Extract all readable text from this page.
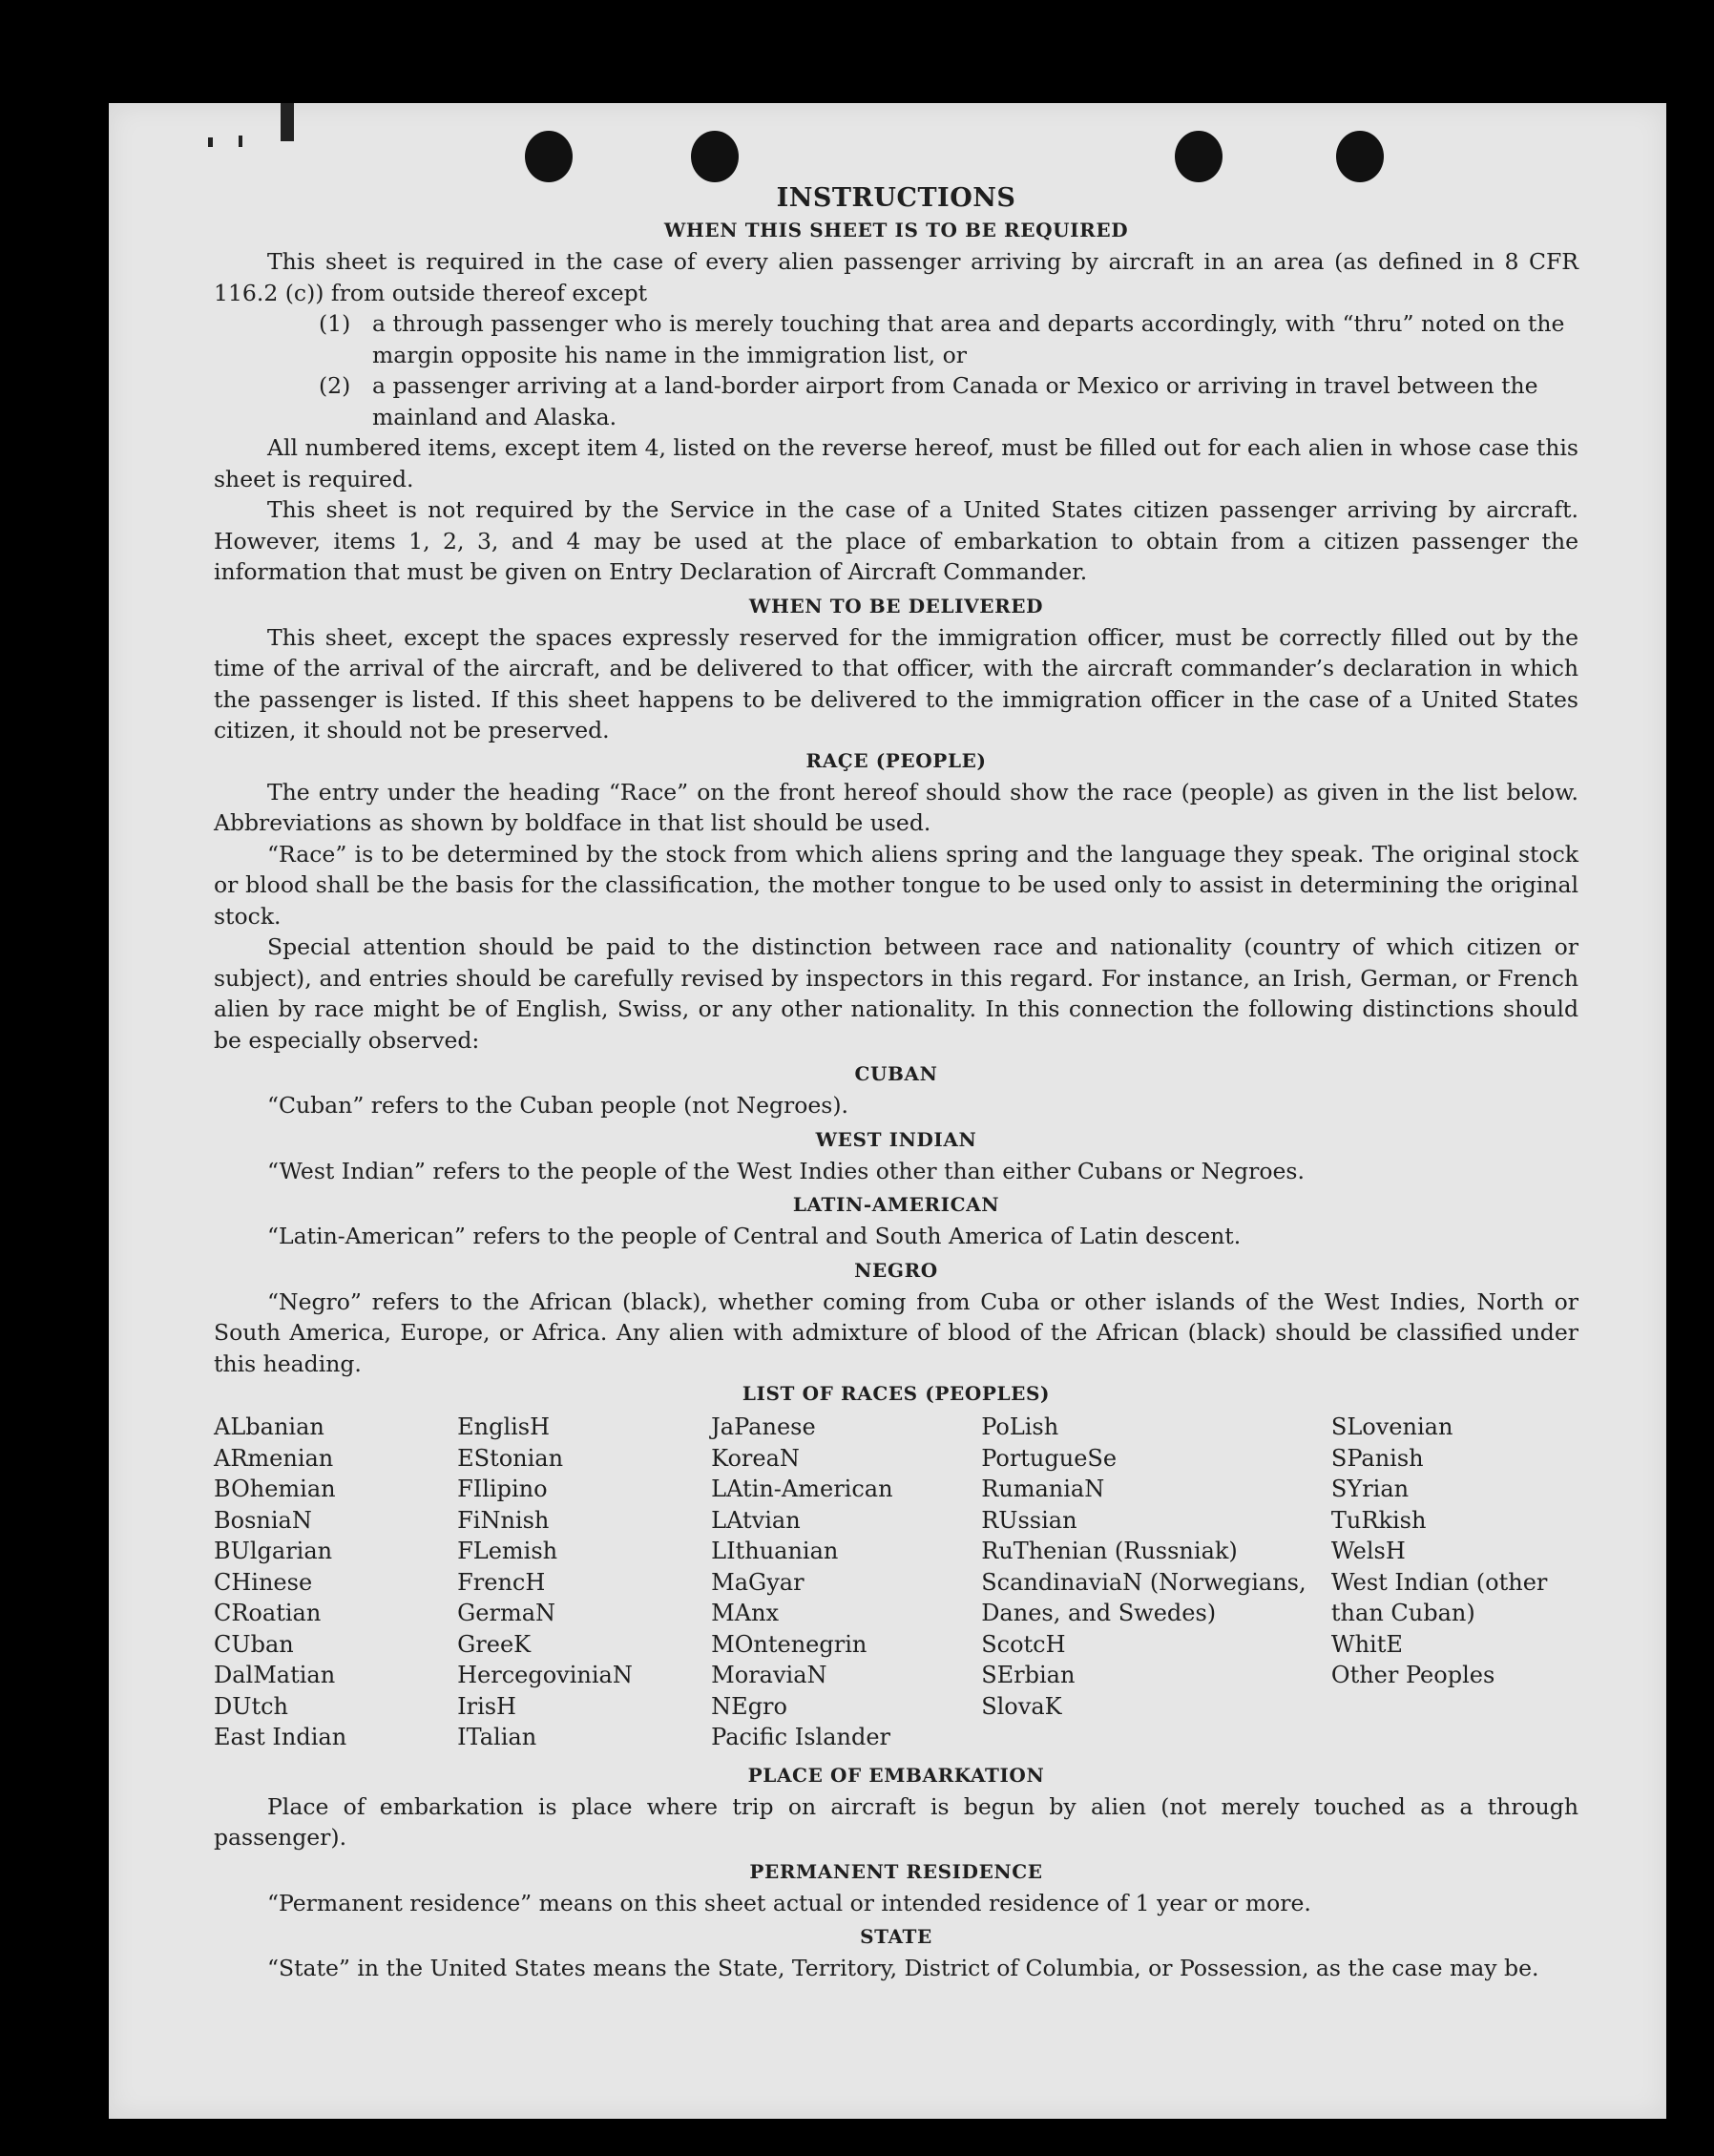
INSTRUCTIONS
WHEN THIS SHEET IS TO BE REQUIRED

This sheet is required in the case of every alien passenger arriving by aircraft in an area (as defined in 8 CFR 116.2 (c)) from outside thereof except

(1) a through passenger who is merely touching that area and departs accordingly, with “thru” noted on the margin opposite his name in the immigration list, or
(2) a passenger arriving at a land-border airport from Canada or Mexico or arriving in travel between the mainland and Alaska.

All numbered items, except item 4, listed on the reverse hereof, must be filled out for each alien in whose case this sheet is required.

This sheet is not required by the Service in the case of a United States citizen passenger arriving by aircraft. However, items 1, 2, 3, and 4 may be used at the place of embarkation to obtain from a citizen passenger the information that must be given on Entry Declaration of Aircraft Commander.

WHEN TO BE DELIVERED

This sheet, except the spaces expressly reserved for the immigration officer, must be correctly filled out by the time of the arrival of the aircraft, and be delivered to that officer, with the aircraft commander’s declaration in which the passenger is listed. If this sheet happens to be delivered to the immigration officer in the case of a United States citizen, it should not be preserved.

RAÇE (PEOPLE)

The entry under the heading “Race” on the front hereof should show the race (people) as given in the list below. Abbreviations as shown by boldface in that list should be used.

“Race” is to be determined by the stock from which aliens spring and the language they speak. The original stock or blood shall be the basis for the classification, the mother tongue to be used only to assist in determining the original stock.

Special attention should be paid to the distinction between race and nationality (country of which citizen or subject), and entries should be carefully revised by inspectors in this regard. For instance, an Irish, German, or French alien by race might be of English, Swiss, or any other nationality. In this connection the following distinctions should be especially observed:

CUBAN

“Cuban” refers to the Cuban people (not Negroes).

WEST INDIAN

“West Indian” refers to the people of the West Indies other than either Cubans or Negroes.

LATIN-AMERICAN

“Latin-American” refers to the people of Central and South America of Latin descent.

NEGRO

“Negro” refers to the African (black), whether coming from Cuba or other islands of the West Indies, North or South America, Europe, or Africa. Any alien with admixture of blood of the African (black) should be classified under this heading.

LIST OF RACES (PEOPLES)
ALbanian
ARmenian
BOhemian
BosniaN
BUlgarian
CHinese
CRoatian
CUban
DalMatian
DUtch
East Indian
EnglisH
EStonian
FIlipino
FiNnish
FLemish
FrencH
GermaN
GreeK
HercegoviniaN
IrisH
ITalian
JaPanese
KoreaN
LAtin-American
LAtvian
LIthuanian
MaGyar
MAnx
MOntenegrin
MoraviaN
NEgro
Pacific Islander
PoLish
PortugueSe
RumaniaN
RUssian
RuThenian (Russniak)
ScandinaviaN (Norwegians, Danes, and Swedes)
ScotcH
SErbian
SlovaK
SLovenian
SPanish
SYrian
TuRkish
WelsH
West Indian (other than Cuban)
WhitE
Other Peoples
PLACE OF EMBARKATION

Place of embarkation is place where trip on aircraft is begun by alien (not merely touched as a through passenger).

PERMANENT RESIDENCE

“Permanent residence” means on this sheet actual or intended residence of 1 year or more.

STATE

“State” in the United States means the State, Territory, District of Columbia, or Possession, as the case may be.
